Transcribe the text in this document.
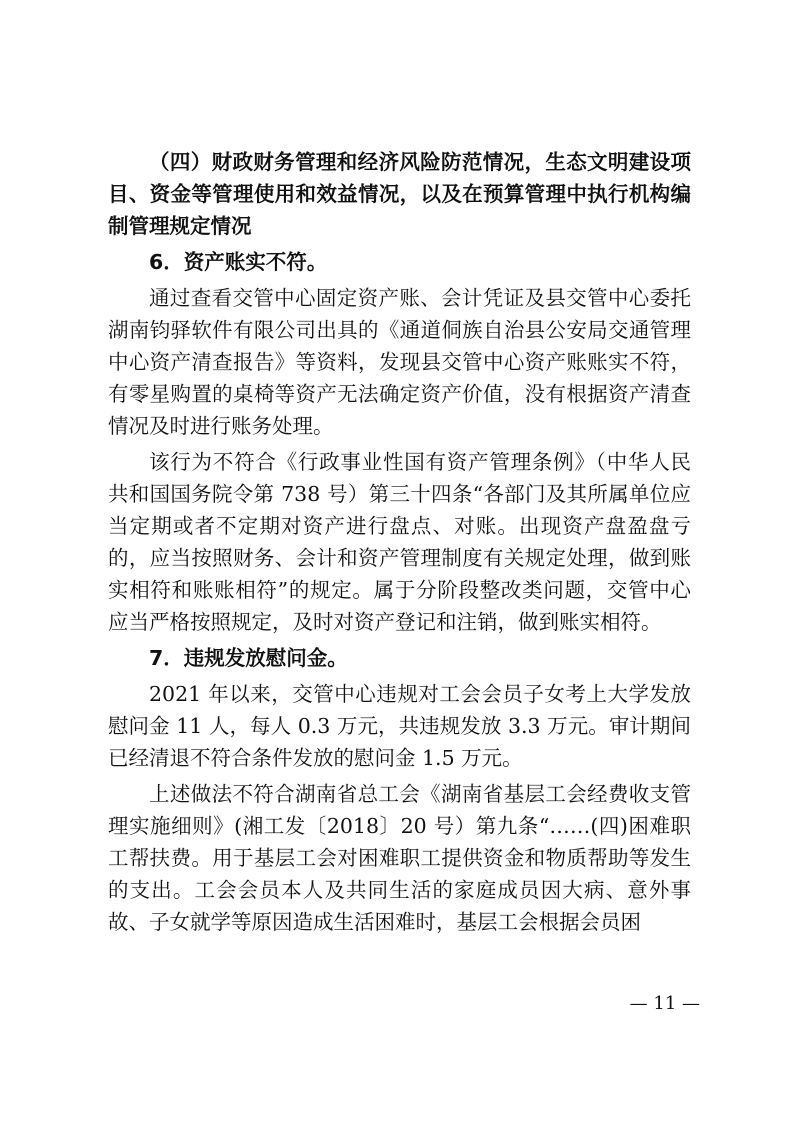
（四）财政财务管理和经济风险防范情况，生态文明建设项目、资金等管理使用和效益情况，以及在预算管理中执行机构编制管理规定情况

6．资产账实不符。

通过查看交管中心固定资产账、会计凭证及县交管中心委托湖南钧驿软件有限公司出具的《通道侗族自治县公安局交通管理中心资产清查报告》等资料，发现县交管中心资产账账实不符，有零星购置的桌椅等资产无法确定资产价值，没有根据资产清查情况及时进行账务处理。

该行为不符合《行政事业性国有资产管理条例》（中华人民共和国国务院令第 738 号）第三十四条“各部门及其所属单位应当定期或者不定期对资产进行盘点、对账。出现资产盘盈盘亏的，应当按照财务、会计和资产管理制度有关规定处理，做到账实相符和账账相符”的规定。属于分阶段整改类问题，交管中心应当严格按照规定，及时对资产登记和注销，做到账实相符。

7．违规发放慰问金。

2021 年以来，交管中心违规对工会会员子女考上大学发放慰问金 11 人，每人 0.3 万元，共违规发放 3.3 万元。审计期间已经清退不符合条件发放的慰问金 1.5 万元。

上述做法不符合湖南省总工会《湖南省基层工会经费收支管理实施细则》(湘工发〔2018〕20 号）第九条“……(四)困难职工帮扶费。用于基层工会对困难职工提供资金和物质帮助等发生的支出。工会会员本人及共同生活的家庭成员因大病、意外事故、子女就学等原因造成生活困难时，基层工会根据会员困

— 11 —
